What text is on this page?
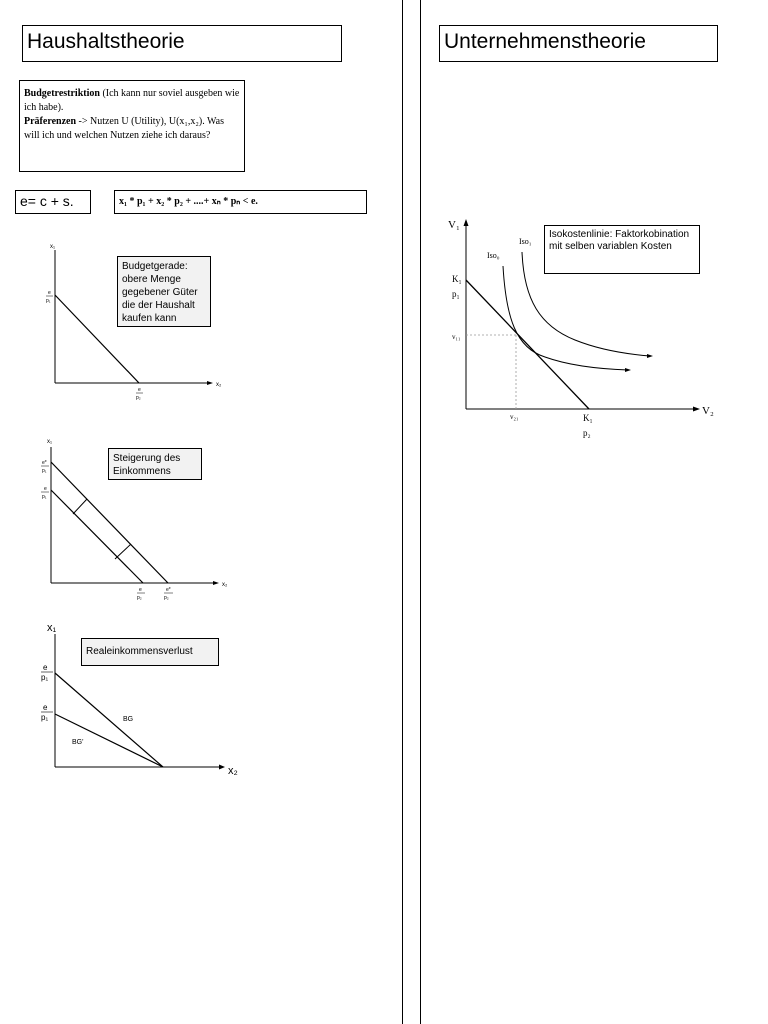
Haushaltstheorie
Budgetrestriktion (Ich kann nur soviel ausgeben wie ich habe).
Präferenzen -> Nutzen U (Utility), U(x₁,x₂). Was will ich und welchen Nutzen ziehe ich daraus?
e= c + s.	x₁ * p₁ + x₂ * p₂ + ....+ xₙ * pₙ < e.
x₁
x₂
e
p₁
e
p₂
x₁
x₂
e*
p₁
e
p₁
e
p₂
e*
p₂
x₁
x₂
e
p₁
e
p₁	BG
BG'
Budgetgerade: obere Menge gegebener Güter die der Haushalt kaufen kann
Steigerung des Einkommens
Realeinkommensverlust
Unternehmenstheorie
V₁
V₂
K₁
p₁
v₁₁
v₂₁	K₁
p₂
Iso₀
Iso₁
Isokostenlinie: Faktorkobination mit selben variablen Kosten
